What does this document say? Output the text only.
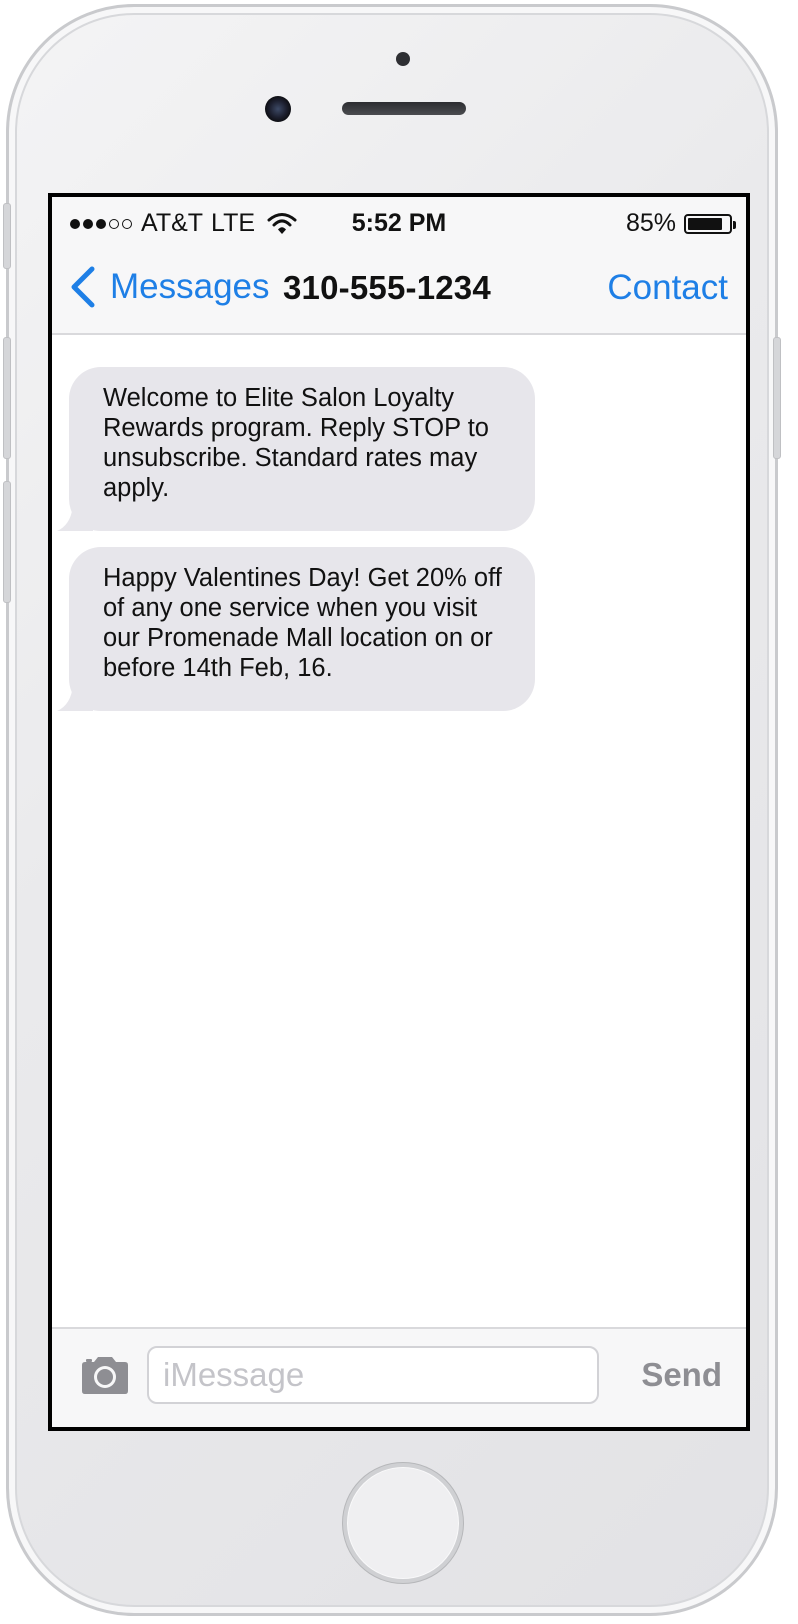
AT&T LTE	5:52 PM	85%
Messages 310-555-1234	Contact
Welcome to Elite Salon Loyalty Rewards program. Reply STOP to unsubscribe. Standard rates may apply.
Happy Valentines Day! Get 20% off of any one service when you visit our Promenade Mall location on or before 14th Feb, 16.
iMessage
Send
